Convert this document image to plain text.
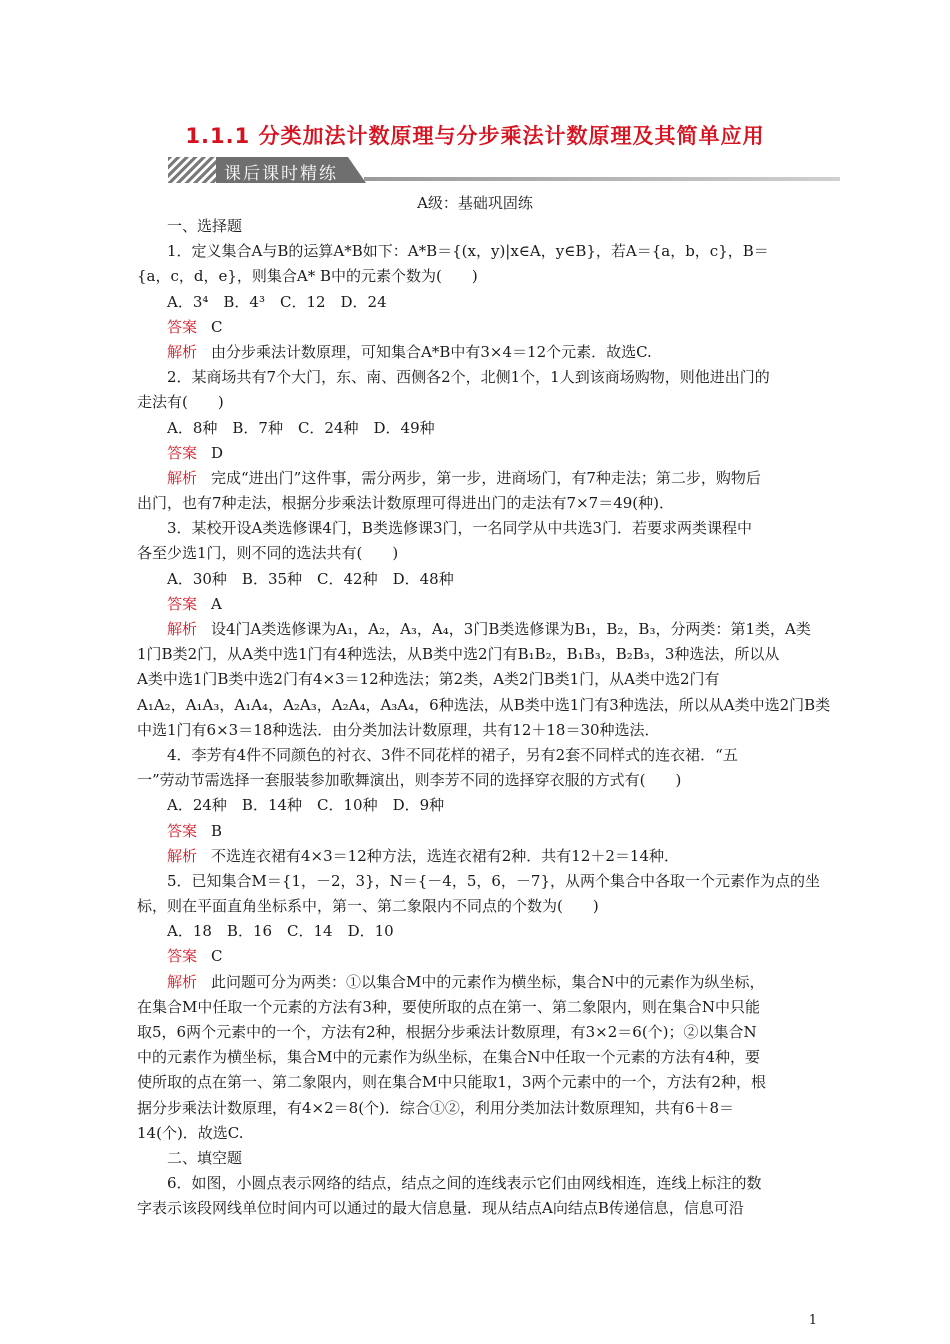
1.1.1 分类加法计数原理与分步乘法计数原理及其简单应用
课后课时精练
A级：基础巩固练
一、选择题
1．定义集合A与B的运算A*B如下：A*B＝{(x，y)|x∈A，y∈B}，若A＝{a，b，c}，B＝
{a，c，d，e}，则集合A* B中的元素个数为(　　)
A．3⁴　B．4³　C．12　D．24
答案 C
解析 由分步乘法计数原理，可知集合A*B中有3×4＝12个元素．故选C.
2．某商场共有7个大门，东、南、西侧各2个，北侧1个，1人到该商场购物，则他进出门的
走法有(　　)
A．8种　B．7种　C．24种　D．49种
答案 D
解析 完成“进出门”这件事，需分两步，第一步，进商场门，有7种走法；第二步，购物后
出门，也有7种走法，根据分步乘法计数原理可得进出门的走法有7×7＝49(种)．
3．某校开设A类选修课4门，B类选修课3门，一名同学从中共选3门．若要求两类课程中
各至少选1门，则不同的选法共有(　　)
A．30种　B．35种　C．42种　D．48种
答案 A
解析 设4门A类选修课为A₁，A₂，A₃，A₄，3门B类选修课为B₁，B₂，B₃，分两类：第1类，A类
1门B类2门，从A类中选1门有4种选法，从B类中选2门有B₁B₂，B₁B₃，B₂B₃，3种选法，所以从
A类中选1门B类中选2门有4×3＝12种选法；第2类，A类2门B类1门，从A类中选2门有
A₁A₂，A₁A₃，A₁A₄，A₂A₃，A₂A₄，A₃A₄，6种选法，从B类中选1门有3种选法，所以从A类中选2门B类
中选1门有6×3＝18种选法．由分类加法计数原理，共有12＋18＝30种选法．
4．李芳有4件不同颜色的衬衣、3件不同花样的裙子，另有2套不同样式的连衣裙．“五
一”劳动节需选择一套服装参加歌舞演出，则李芳不同的选择穿衣服的方式有(　　)
A．24种　B．14种　C．10种　D．9种
答案 B
解析 不选连衣裙有4×3＝12种方法，选连衣裙有2种．共有12＋2＝14种．
5．已知集合M＝{1，－2，3}，N＝{－4，5，6，－7}，从两个集合中各取一个元素作为点的坐
标，则在平面直角坐标系中，第一、第二象限内不同点的个数为(　　)
A．18　B．16　C．14　D．10
答案 C
解析 此问题可分为两类：①以集合M中的元素作为横坐标，集合N中的元素作为纵坐标，
在集合M中任取一个元素的方法有3种，要使所取的点在第一、第二象限内，则在集合N中只能
取5，6两个元素中的一个，方法有2种，根据分步乘法计数原理，有3×2＝6(个)；②以集合N
中的元素作为横坐标，集合M中的元素作为纵坐标，在集合N中任取一个元素的方法有4种，要
使所取的点在第一、第二象限内，则在集合M中只能取1，3两个元素中的一个，方法有2种，根
据分步乘法计数原理，有4×2＝8(个)．综合①②，利用分类加法计数原理知，共有6＋8＝
14(个)．故选C.
二、填空题
6．如图，小圆点表示网络的结点，结点之间的连线表示它们由网线相连，连线上标注的数
字表示该段网线单位时间内可以通过的最大信息量．现从结点A向结点B传递信息，信息可沿
1
